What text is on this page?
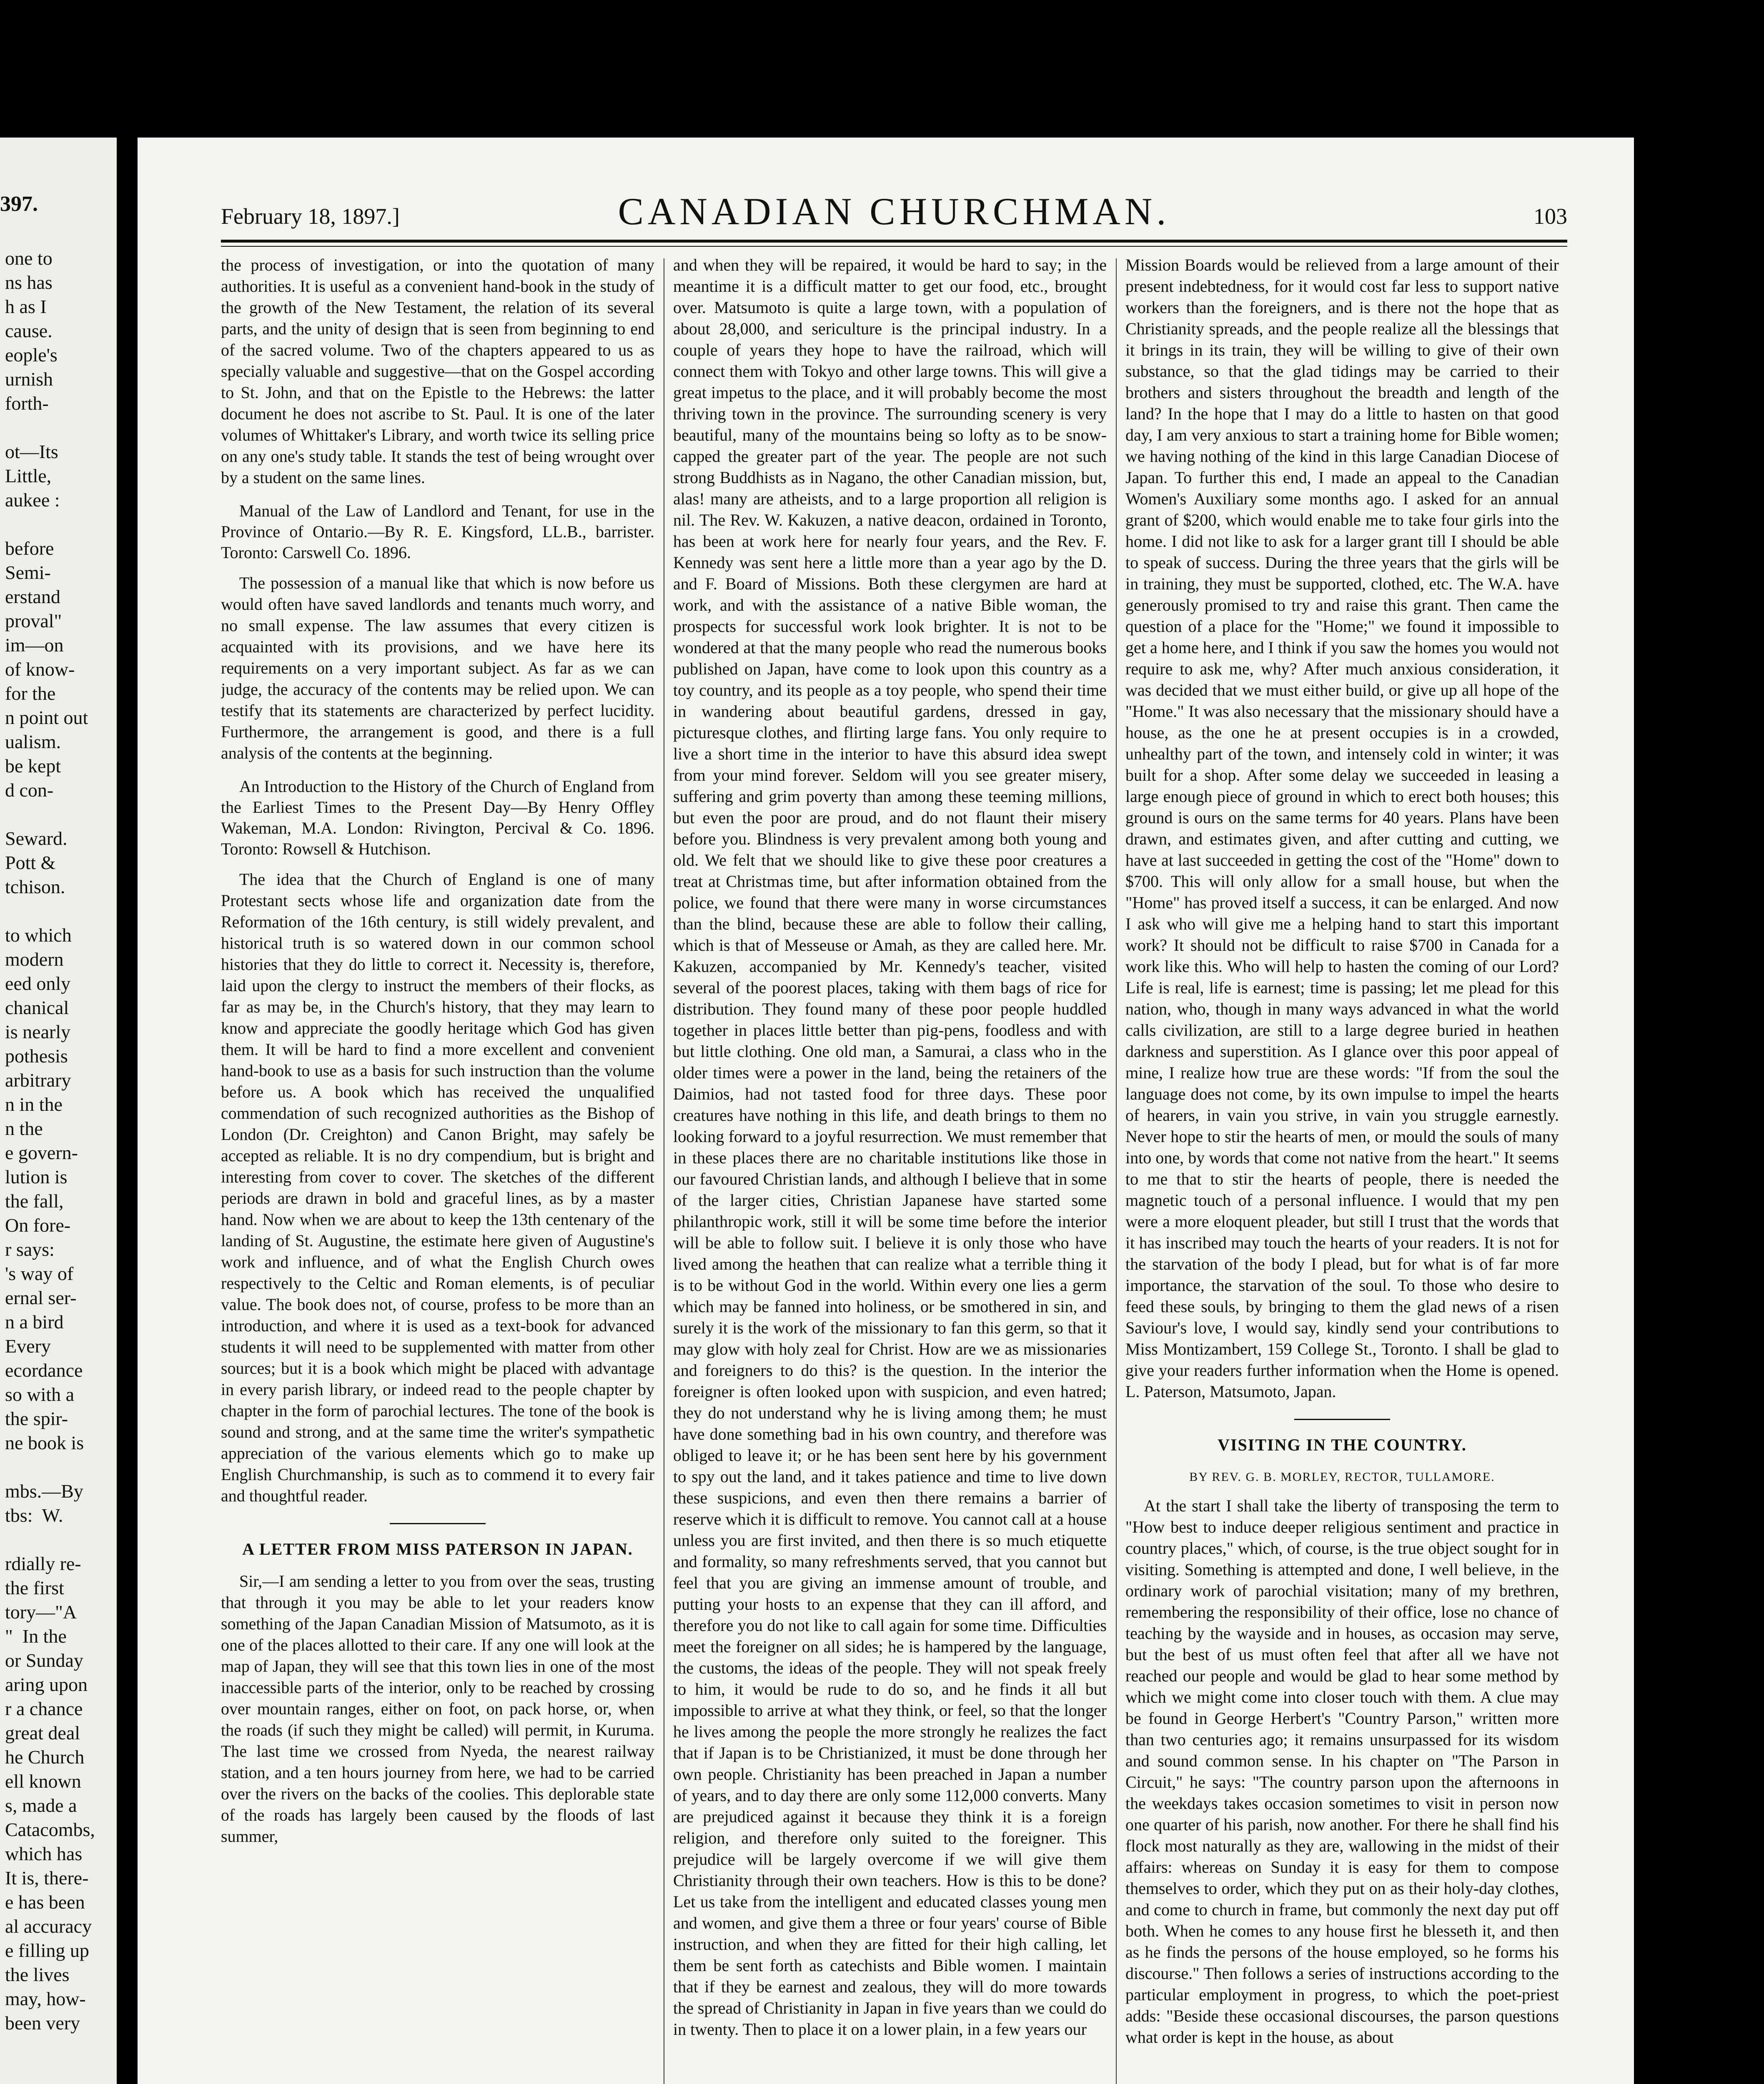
397.
one to
ns has
h as I
cause.
eople's
urnish
forth-
ot—Its
Little,
aukee :
before
Semi-
erstand
proval"
im—on
of know-
for the
n point out
ualism.
be kept
d con-
Seward.
Pott &
tchison.
to which
modern
eed only
chanical
is nearly
pothesis
arbitrary
n in the
n the
e govern-
lution is
the fall,
On fore-
r says:
's way of
ernal ser-
n a bird
Every
ecordance
so with a
the spir-
ne book is
mbs.—By
tbs:  W.
rdially re-
the first
tory—"A
"  In the
or Sunday
aring upon
r a chance
great deal
he Church
ell known
s, made a
Catacombs,
which has
It is, there-
e has been
al accuracy
e filling up
the lives
may, how-
been very
February 18, 1897.]	CANADIAN CHURCHMAN.	103

the process of investigation, or into the quotation of many authorities. It is useful as a convenient hand-book in the study of the growth of the New Testament, the relation of its several parts, and the unity of design that is seen from beginning to end of the sacred volume. Two of the chapters appeared to us as specially valuable and suggestive—that on the Gospel according to St. John, and that on the Epistle to the Hebrews: the latter document he does not ascribe to St. Paul. It is one of the later volumes of Whittaker's Library, and worth twice its selling price on any one's study table. It stands the test of being wrought over by a student on the same lines.

Manual of the Law of Landlord and Tenant, for use in the Province of Ontario.—By R. E. Kingsford, LL.B., barrister. Toronto: Carswell Co. 1896.

The possession of a manual like that which is now before us would often have saved landlords and tenants much worry, and no small expense. The law assumes that every citizen is acquainted with its provisions, and we have here its requirements on a very important subject. As far as we can judge, the accuracy of the contents may be relied upon. We can testify that its statements are characterized by perfect lucidity. Furthermore, the arrangement is good, and there is a full analysis of the contents at the beginning.

An Introduction to the History of the Church of England from the Earliest Times to the Present Day—By Henry Offley Wakeman, M.A. London: Rivington, Percival & Co. 1896. Toronto: Rowsell & Hutchison.

The idea that the Church of England is one of many Protestant sects whose life and organization date from the Reformation of the 16th century, is still widely prevalent, and historical truth is so watered down in our common school histories that they do little to correct it. Necessity is, therefore, laid upon the clergy to instruct the members of their flocks, as far as may be, in the Church's history, that they may learn to know and appreciate the goodly heritage which God has given them. It will be hard to find a more excellent and convenient hand-book to use as a basis for such instruction than the volume before us. A book which has received the unqualified commendation of such recognized authorities as the Bishop of London (Dr. Creighton) and Canon Bright, may safely be accepted as reliable. It is no dry compendium, but is bright and interesting from cover to cover. The sketches of the different periods are drawn in bold and graceful lines, as by a master hand. Now when we are about to keep the 13th centenary of the landing of St. Augustine, the estimate here given of Augustine's work and influence, and of what the English Church owes respectively to the Celtic and Roman elements, is of peculiar value. The book does not, of course, profess to be more than an introduction, and where it is used as a text-book for advanced students it will need to be supplemented with matter from other sources; but it is a book which might be placed with advantage in every parish library, or indeed read to the people chapter by chapter in the form of parochial lectures. The tone of the book is sound and strong, and at the same time the writer's sympathetic appreciation of the various elements which go to make up English Churchmanship, is such as to commend it to every fair and thoughtful reader.

A LETTER FROM MISS PATERSON IN JAPAN.

Sir,—I am sending a letter to you from over the seas, trusting that through it you may be able to let your readers know something of the Japan Canadian Mission of Matsumoto, as it is one of the places allotted to their care. If any one will look at the map of Japan, they will see that this town lies in one of the most inaccessible parts of the interior, only to be reached by crossing over mountain ranges, either on foot, on pack horse, or, when the roads (if such they might be called) will permit, in Kuruma. The last time we crossed from Nyeda, the nearest railway station, and a ten hours journey from here, we had to be carried over the rivers on the backs of the coolies. This deplorable state of the roads has largely been caused by the floods of last summer,

and when they will be repaired, it would be hard to say; in the meantime it is a difficult matter to get our food, etc., brought over. Matsumoto is quite a large town, with a population of about 28,000, and sericulture is the principal industry. In a couple of years they hope to have the railroad, which will connect them with Tokyo and other large towns. This will give a great impetus to the place, and it will probably become the most thriving town in the province. The surrounding scenery is very beautiful, many of the mountains being so lofty as to be snow-capped the greater part of the year. The people are not such strong Buddhists as in Nagano, the other Canadian mission, but, alas! many are atheists, and to a large proportion all religion is nil. The Rev. W. Kakuzen, a native deacon, ordained in Toronto, has been at work here for nearly four years, and the Rev. F. Kennedy was sent here a little more than a year ago by the D. and F. Board of Missions. Both these clergymen are hard at work, and with the assistance of a native Bible woman, the prospects for successful work look brighter. It is not to be wondered at that the many people who read the numerous books published on Japan, have come to look upon this country as a toy country, and its people as a toy people, who spend their time in wandering about beautiful gardens, dressed in gay, picturesque clothes, and flirting large fans. You only require to live a short time in the interior to have this absurd idea swept from your mind forever. Seldom will you see greater misery, suffering and grim poverty than among these teeming millions, but even the poor are proud, and do not flaunt their misery before you. Blindness is very prevalent among both young and old. We felt that we should like to give these poor creatures a treat at Christmas time, but after information obtained from the police, we found that there were many in worse circumstances than the blind, because these are able to follow their calling, which is that of Messeuse or Amah, as they are called here. Mr. Kakuzen, accompanied by Mr. Kennedy's teacher, visited several of the poorest places, taking with them bags of rice for distribution. They found many of these poor people huddled together in places little better than pig-pens, foodless and with but little clothing. One old man, a Samurai, a class who in the older times were a power in the land, being the retainers of the Daimios, had not tasted food for three days. These poor creatures have nothing in this life, and death brings to them no looking forward to a joyful resurrection. We must remember that in these places there are no charitable institutions like those in our favoured Christian lands, and although I believe that in some of the larger cities, Christian Japanese have started some philanthropic work, still it will be some time before the interior will be able to follow suit. I believe it is only those who have lived among the heathen that can realize what a terrible thing it is to be without God in the world. Within every one lies a germ which may be fanned into holiness, or be smothered in sin, and surely it is the work of the missionary to fan this germ, so that it may glow with holy zeal for Christ. How are we as missionaries and foreigners to do this? is the question. In the interior the foreigner is often looked upon with suspicion, and even hatred; they do not understand why he is living among them; he must have done something bad in his own country, and therefore was obliged to leave it; or he has been sent here by his government to spy out the land, and it takes patience and time to live down these suspicions, and even then there remains a barrier of reserve which it is difficult to remove. You cannot call at a house unless you are first invited, and then there is so much etiquette and formality, so many refreshments served, that you cannot but feel that you are giving an immense amount of trouble, and putting your hosts to an expense that they can ill afford, and therefore you do not like to call again for some time. Difficulties meet the foreigner on all sides; he is hampered by the language, the customs, the ideas of the people. They will not speak freely to him, it would be rude to do so, and he finds it all but impossible to arrive at what they think, or feel, so that the longer he lives among the people the more strongly he realizes the fact that if Japan is to be Christianized, it must be done through her own people. Christianity has been preached in Japan a number of years, and to day there are only some 112,000 converts. Many are prejudiced against it because they think it is a foreign religion, and therefore only suited to the foreigner. This prejudice will be largely overcome if we will give them Christianity through their own teachers. How is this to be done? Let us take from the intelligent and educated classes young men and women, and give them a three or four years' course of Bible instruction, and when they are fitted for their high calling, let them be sent forth as catechists and Bible women. I maintain that if they be earnest and zealous, they will do more towards the spread of Christianity in Japan in five years than we could do in twenty. Then to place it on a lower plain, in a few years our

Mission Boards would be relieved from a large amount of their present indebtedness, for it would cost far less to support native workers than the foreigners, and is there not the hope that as Christianity spreads, and the people realize all the blessings that it brings in its train, they will be willing to give of their own substance, so that the glad tidings may be carried to their brothers and sisters throughout the breadth and length of the land? In the hope that I may do a little to hasten on that good day, I am very anxious to start a training home for Bible women; we having nothing of the kind in this large Canadian Diocese of Japan. To further this end, I made an appeal to the Canadian Women's Auxiliary some months ago. I asked for an annual grant of $200, which would enable me to take four girls into the home. I did not like to ask for a larger grant till I should be able to speak of success. During the three years that the girls will be in training, they must be supported, clothed, etc. The W.A. have generously promised to try and raise this grant. Then came the question of a place for the "Home;" we found it impossible to get a home here, and I think if you saw the homes you would not require to ask me, why? After much anxious consideration, it was decided that we must either build, or give up all hope of the "Home." It was also necessary that the missionary should have a house, as the one he at present occupies is in a crowded, unhealthy part of the town, and intensely cold in winter; it was built for a shop. After some delay we succeeded in leasing a large enough piece of ground in which to erect both houses; this ground is ours on the same terms for 40 years. Plans have been drawn, and estimates given, and after cutting and cutting, we have at last succeeded in getting the cost of the "Home" down to $700. This will only allow for a small house, but when the "Home" has proved itself a success, it can be enlarged. And now I ask who will give me a helping hand to start this important work? It should not be difficult to raise $700 in Canada for a work like this. Who will help to hasten the coming of our Lord? Life is real, life is earnest; time is passing; let me plead for this nation, who, though in many ways advanced in what the world calls civilization, are still to a large degree buried in heathen darkness and superstition. As I glance over this poor appeal of mine, I realize how true are these words: "If from the soul the language does not come, by its own impulse to impel the hearts of hearers, in vain you strive, in vain you struggle earnestly. Never hope to stir the hearts of men, or mould the souls of many into one, by words that come not native from the heart." It seems to me that to stir the hearts of people, there is needed the magnetic touch of a personal influence. I would that my pen were a more eloquent pleader, but still I trust that the words that it has inscribed may touch the hearts of your readers. It is not for the starvation of the body I plead, but for what is of far more importance, the starvation of the soul. To those who desire to feed these souls, by bringing to them the glad news of a risen Saviour's love, I would say, kindly send your contributions to Miss Montizambert, 159 College St., Toronto. I shall be glad to give your readers further information when the Home is opened. L. Paterson, Matsumoto, Japan.

VISITING IN THE COUNTRY.
BY REV. G. B. MORLEY, RECTOR, TULLAMORE.

At the start I shall take the liberty of transposing the term to "How best to induce deeper religious sentiment and practice in country places," which, of course, is the true object sought for in visiting. Something is attempted and done, I well believe, in the ordinary work of parochial visitation; many of my brethren, remembering the responsibility of their office, lose no chance of teaching by the wayside and in houses, as occasion may serve, but the best of us must often feel that after all we have not reached our people and would be glad to hear some method by which we might come into closer touch with them. A clue may be found in George Herbert's "Country Parson," written more than two centuries ago; it remains unsurpassed for its wisdom and sound common sense. In his chapter on "The Parson in Circuit," he says: "The country parson upon the afternoons in the weekdays takes occasion sometimes to visit in person now one quarter of his parish, now another. For there he shall find his flock most naturally as they are, wallowing in the midst of their affairs: whereas on Sunday it is easy for them to compose themselves to order, which they put on as their holy-day clothes, and come to church in frame, but commonly the next day put off both. When he comes to any house first he blesseth it, and then as he finds the persons of the house employed, so he forms his discourse." Then follows a series of instructions according to the particular employment in progress, to which the poet-priest adds: "Beside these occasional discourses, the parson questions what order is kept in the house, as about
